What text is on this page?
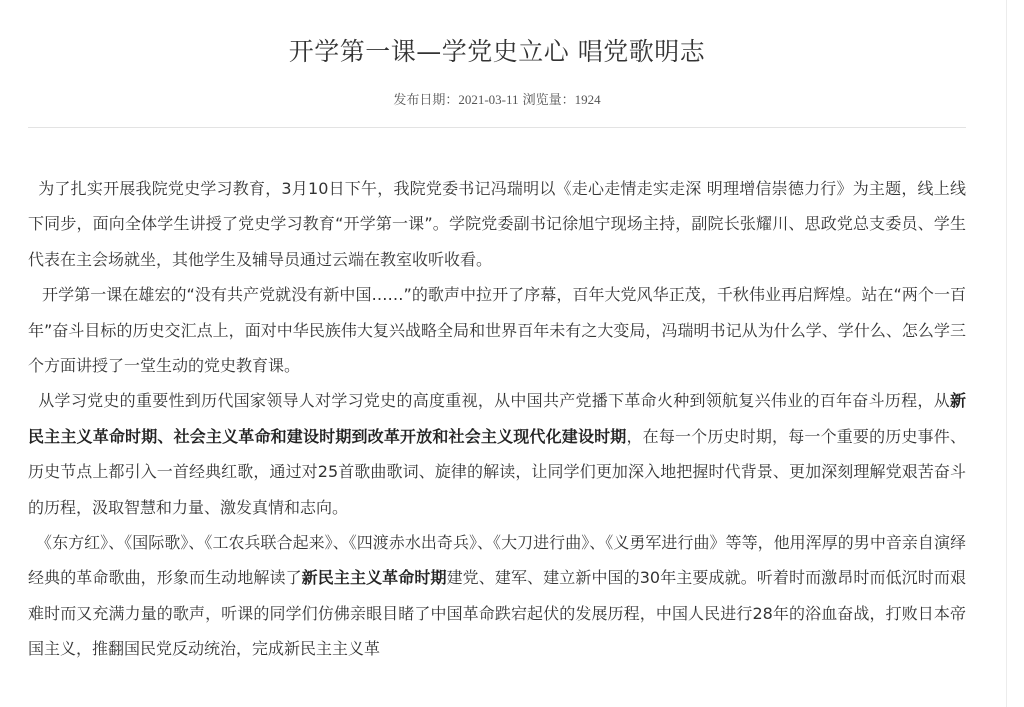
开学第一课—学党史立心 唱党歌明志
发布日期：2021-03-11 浏览量：1924

为了扎实开展我院党史学习教育，3月10日下午，我院党委书记冯瑞明以《走心走情走实走深 明理增信崇德力行》为主题，线上线下同步，面向全体学生讲授了党史学习教育“开学第一课”。学院党委副书记徐旭宁现场主持，副院长张耀川、思政党总支委员、学生代表在主会场就坐，其他学生及辅导员通过云端在教室收听收看。

开学第一课在雄宏的“没有共产党就没有新中国……”的歌声中拉开了序幕，百年大党风华正茂，千秋伟业再启辉煌。站在“两个一百年”奋斗目标的历史交汇点上，面对中华民族伟大复兴战略全局和世界百年未有之大变局，冯瑞明书记从为什么学、学什么、怎么学三个方面讲授了一堂生动的党史教育课。

从学习党史的重要性到历代国家领导人对学习党史的高度重视，从中国共产党播下革命火种到领航复兴伟业的百年奋斗历程，从新民主主义革命时期、社会主义革命和建设时期到改革开放和社会主义现代化建设时期，在每一个历史时期，每一个重要的历史事件、历史节点上都引入一首经典红歌，通过对25首歌曲歌词、旋律的解读，让同学们更加深入地把握时代背景、更加深刻理解党艰苦奋斗的历程，汲取智慧和力量、激发真情和志向。

《东方红》、《国际歌》、《工农兵联合起来》、《四渡赤水出奇兵》、《大刀进行曲》、《义勇军进行曲》等等，他用浑厚的男中音亲自演绎经典的革命歌曲，形象而生动地解读了新民主主义革命时期建党、建军、建立新中国的30年主要成就。听着时而激昂时而低沉时而艰难时而又充满力量的歌声，听课的同学们仿佛亲眼目睹了中国革命跌宕起伏的发展历程，中国人民进行28年的浴血奋战，打败日本帝国主义，推翻国民党反动统治，完成新民主主义革
